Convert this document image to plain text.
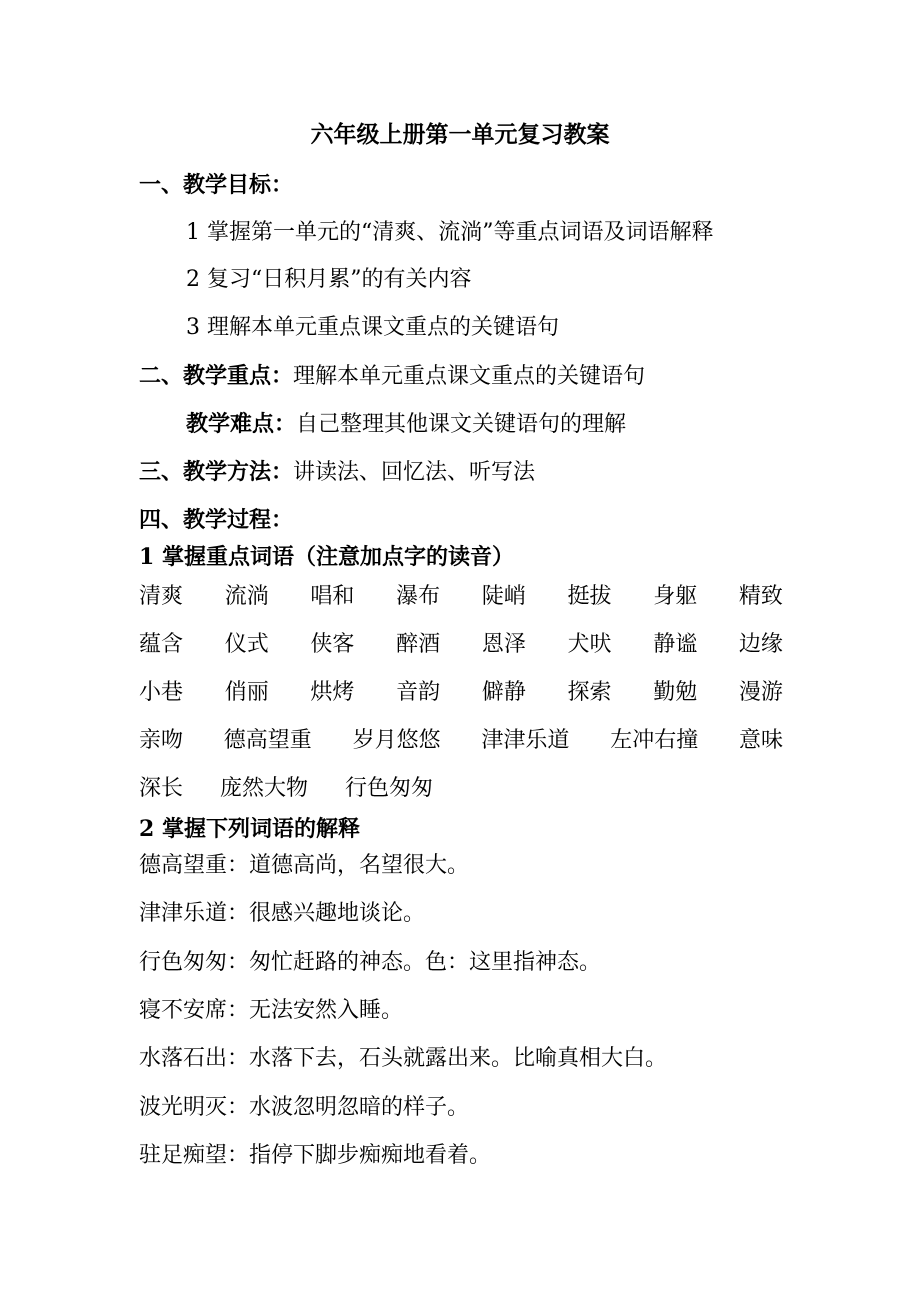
六年级上册第一单元复习教案
一、教学目标：
1 掌握第一单元的“清爽、流淌”等重点词语及词语解释
2 复习“日积月累”的有关内容
3 理解本单元重点课文重点的关键语句
二、教学重点：理解本单元重点课文重点的关键语句
教学难点：自己整理其他课文关键语句的理解
三、教学方法：讲读法、回忆法、听写法
四、教学过程：
1 掌握重点词语（注意加点字的读音）
清爽 流淌 唱和 瀑布 陡峭 挺拔 身躯 精致
蕴含 仪式 侠客 醉酒 恩泽 犬吠 静谧 边缘
小巷 俏丽 烘烤 音韵 僻静 探索 勤勉 漫游
亲吻 德高望重 岁月悠悠 津津乐道 左冲右撞 意味
深长 庞然大物 行色匆匆
2 掌握下列词语的解释
德高望重：道德高尚，名望很大。
津津乐道：很感兴趣地谈论。
行色匆匆：匆忙赶路的神态。色：这里指神态。
寝不安席：无法安然入睡。
水落石出：水落下去，石头就露出来。比喻真相大白。
波光明灭：水波忽明忽暗的样子。
驻足痴望：指停下脚步痴痴地看着。
